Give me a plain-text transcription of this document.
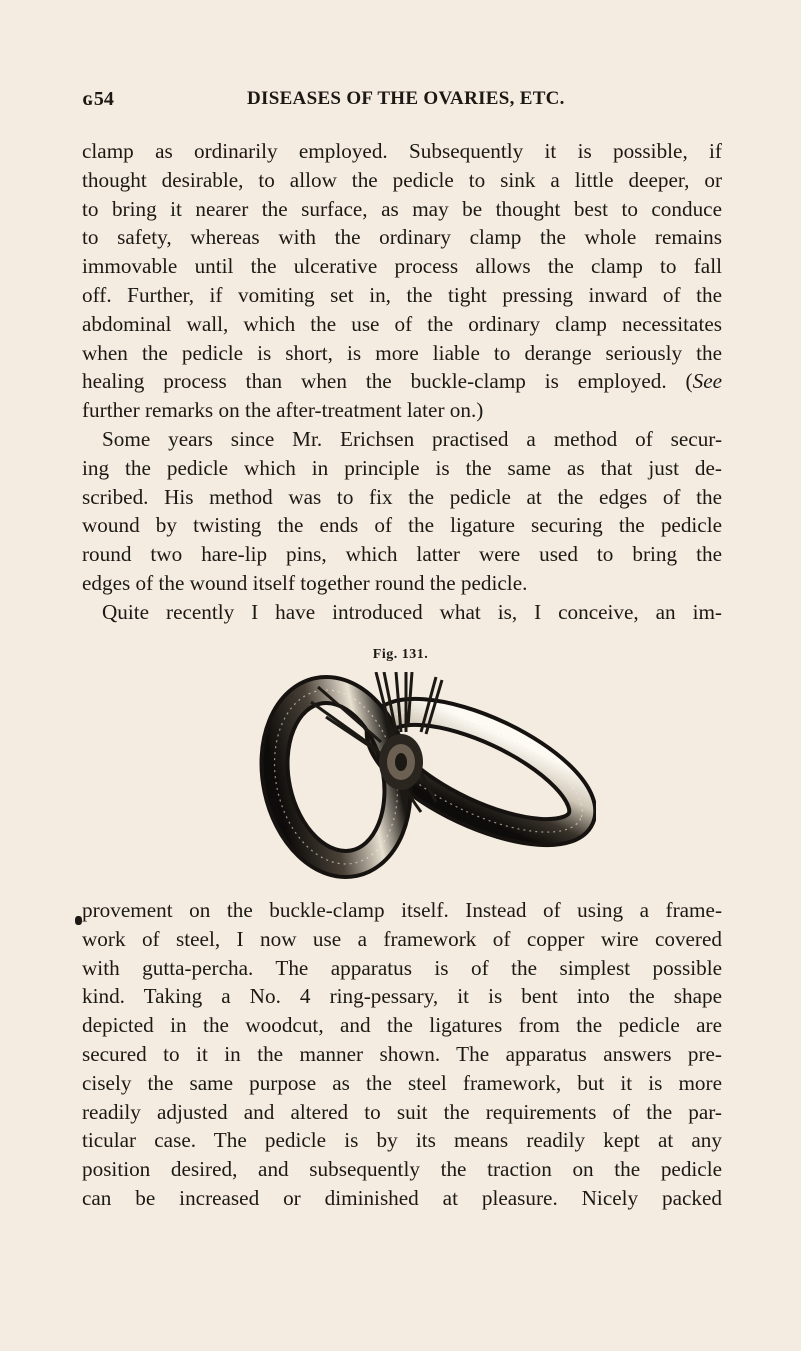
ɢ54	DISEASES OF THE OVARIES, ETC.
clamp as ordinarily employed. Subsequently it is possible, if
thought desirable, to allow the pedicle to sink a little deeper, or
to bring it nearer the surface, as may be thought best to conduce
to safety, whereas with the ordinary clamp the whole remains
immovable until the ulcerative process allows the clamp to fall
off. Further, if vomiting set in, the tight pressing inward of the
abdominal wall, which the use of the ordinary clamp necessitates
when the pedicle is short, is more liable to derange seriously the
healing process than when the buckle-clamp is employed. (See
further remarks on the after-treatment later on.)
Some years since Mr. Erichsen practised a method of secur-
ing the pedicle which in principle is the same as that just de-
scribed. His method was to fix the pedicle at the edges of the
wound by twisting the ends of the ligature securing the pedicle
round two hare-lip pins, which latter were used to bring the
edges of the wound itself together round the pedicle.
Quite recently I have introduced what is, I conceive, an im-
Fig. 131.
provement on the buckle-clamp itself. Instead of using a frame-
work of steel, I now use a framework of copper wire covered
with gutta-percha. The apparatus is of the simplest possible
kind. Taking a No. 4 ring-pessary, it is bent into the shape
depicted in the woodcut, and the ligatures from the pedicle are
secured to it in the manner shown. The apparatus answers pre-
cisely the same purpose as the steel framework, but it is more
readily adjusted and altered to suit the requirements of the par-
ticular case. The pedicle is by its means readily kept at any
position desired, and subsequently the traction on the pedicle
can be increased or diminished at pleasure. Nicely packed
